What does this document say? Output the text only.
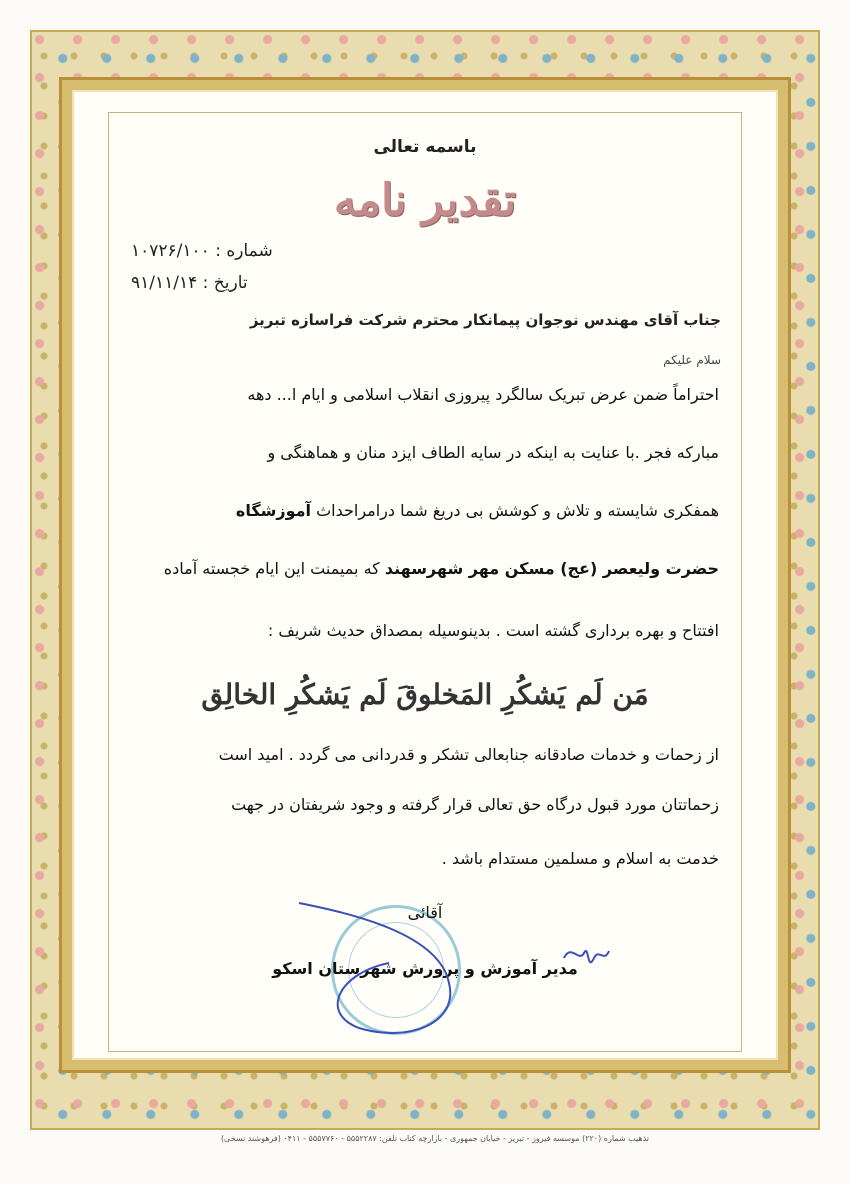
باسمه تعالی
تقدیر نامه
شماره : ۱۰۷۲۶/۱۰۰
تاریخ : ۹۱/۱۱/۱۴
جناب آقای مهندس نوجوان پیمانکار محترم شرکت فراسازه تبریز
سلام علیکم
احتراماً ضمن عرض تبریک سالگرد پیروزی انقلاب اسلامی و ایام ا... دهه
مبارکه فجر .با عنایت به اینکه در سایه الطاف ایزد منان و هماهنگی و
همفکری شایسته و تلاش و کوشش بی دریغ شما درامراحداث آموزشگاه
حضرت ولیعصر (عج) مسکن مهر شهرسهند که بمیمنت این ایام خجسته آماده
افتتاح و بهره برداری گشته است . بدینوسیله بمصداق حدیث شریف :
مَن لَم یَشکُرِ المَخلوقَ لَم یَشکُرِ الخالِق
از زحمات و خدمات صادقانه جنابعالی تشکر و قدردانی می گردد . امید است
زحماتتان مورد قبول درگاه حق تعالی قرار گرفته و وجود شریفتان در جهت
خدمت به اسلام و مسلمین مستدام باشد .
آقائی
مدیر آموزش و پرورش شهرستان اسکو
تذهیب شماره (۲۲۰) موسسه فیروز - تبریز - خیابان جمهوری - بازارچه کتاب تلفن: ۵۵۵۲۲۸۷ - ۵۵۵۷۷۶۰ - ۰۴۱۱ (فرهوشند نسخی)
